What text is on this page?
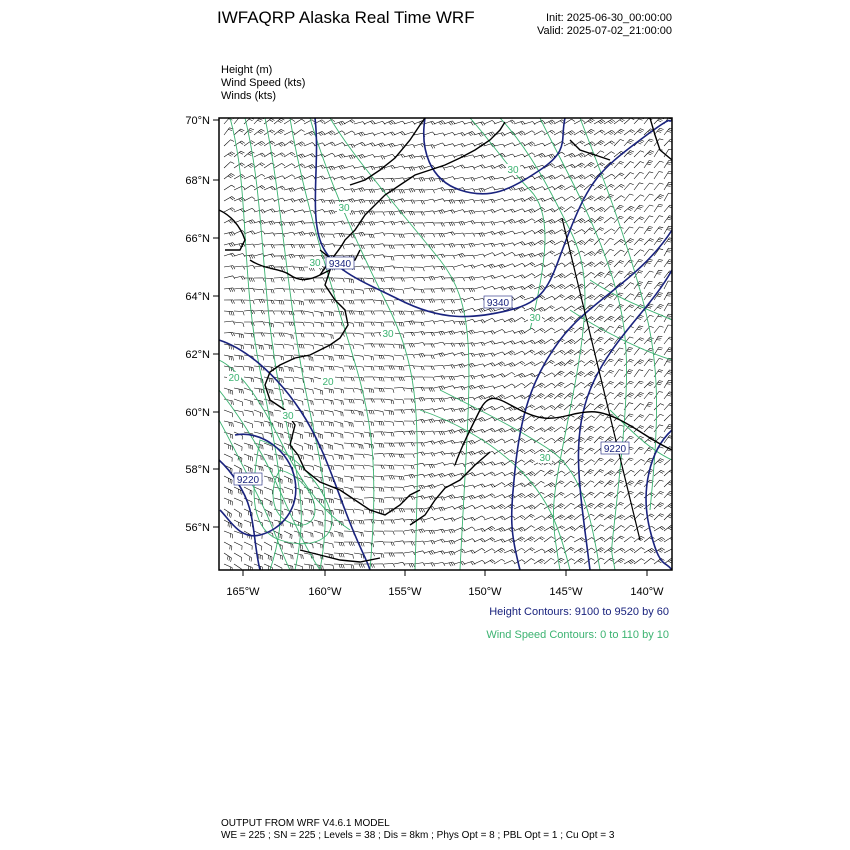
IWFAQRP Alaska Real Time WRF	Init: 2025-06-30_00:00:00
Valid: 2025-07-02_21:00:00
Height (m)
Wind Speed (kts)
Winds (kts)
70°N
68°N
66°N
64°N
62°N
60°N
58°N
56°N
165°W	160°W	155°W	150°W	145°W	140°W
9340
9340
9220
9220
30
30
30
30
20	20
30
30
30
Height Contours: 9100 to 9520 by 60
Wind Speed Contours: 0 to 110 by 10
OUTPUT FROM WRF V4.6.1 MODEL
WE = 225 ; SN = 225 ; Levels = 38 ; Dis = 8km ; Phys Opt = 8 ; PBL Opt = 1 ; Cu Opt = 3
